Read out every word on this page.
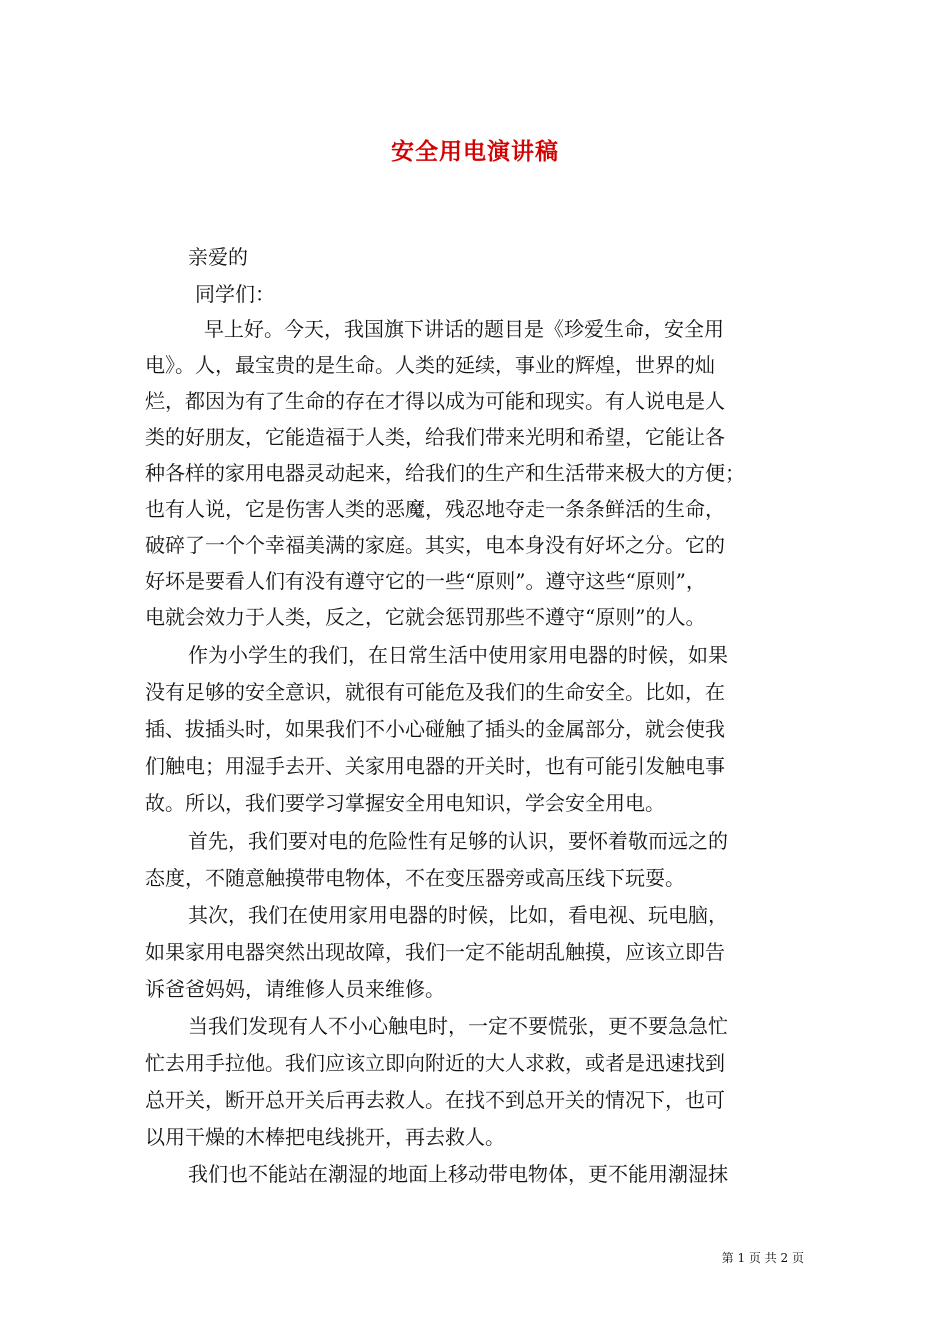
安全用电演讲稿

亲爱的

同学们：

早上好。今天，我国旗下讲话的题目是《珍爱生命，安全用

电》。人，最宝贵的是生命。人类的延续，事业的辉煌，世界的灿

烂，都因为有了生命的存在才得以成为可能和现实。有人说电是人

类的好朋友，它能造福于人类，给我们带来光明和希望，它能让各

种各样的家用电器灵动起来，给我们的生产和生活带来极大的方便；

也有人说，它是伤害人类的恶魔，残忍地夺走一条条鲜活的生命，

破碎了一个个幸福美满的家庭。其实，电本身没有好坏之分。它的

好坏是要看人们有没有遵守它的一些“原则”。遵守这些“原则”，

电就会效力于人类，反之，它就会惩罚那些不遵守“原则”的人。

作为小学生的我们，在日常生活中使用家用电器的时候，如果

没有足够的安全意识，就很有可能危及我们的生命安全。比如，在

插、拔插头时，如果我们不小心碰触了插头的金属部分，就会使我

们触电；用湿手去开、关家用电器的开关时，也有可能引发触电事

故。所以，我们要学习掌握安全用电知识，学会安全用电。

首先，我们要对电的危险性有足够的认识，要怀着敬而远之的

态度，不随意触摸带电物体，不在变压器旁或高压线下玩耍。

其次，我们在使用家用电器的时候，比如，看电视、玩电脑，

如果家用电器突然出现故障，我们一定不能胡乱触摸，应该立即告

诉爸爸妈妈，请维修人员来维修。

当我们发现有人不小心触电时，一定不要慌张，更不要急急忙

忙去用手拉他。我们应该立即向附近的大人求救，或者是迅速找到

总开关，断开总开关后再去救人。在找不到总开关的情况下，也可

以用干燥的木棒把电线挑开，再去救人。

我们也不能站在潮湿的地面上移动带电物体，更不能用潮湿抹

第 1 页 共 2 页
